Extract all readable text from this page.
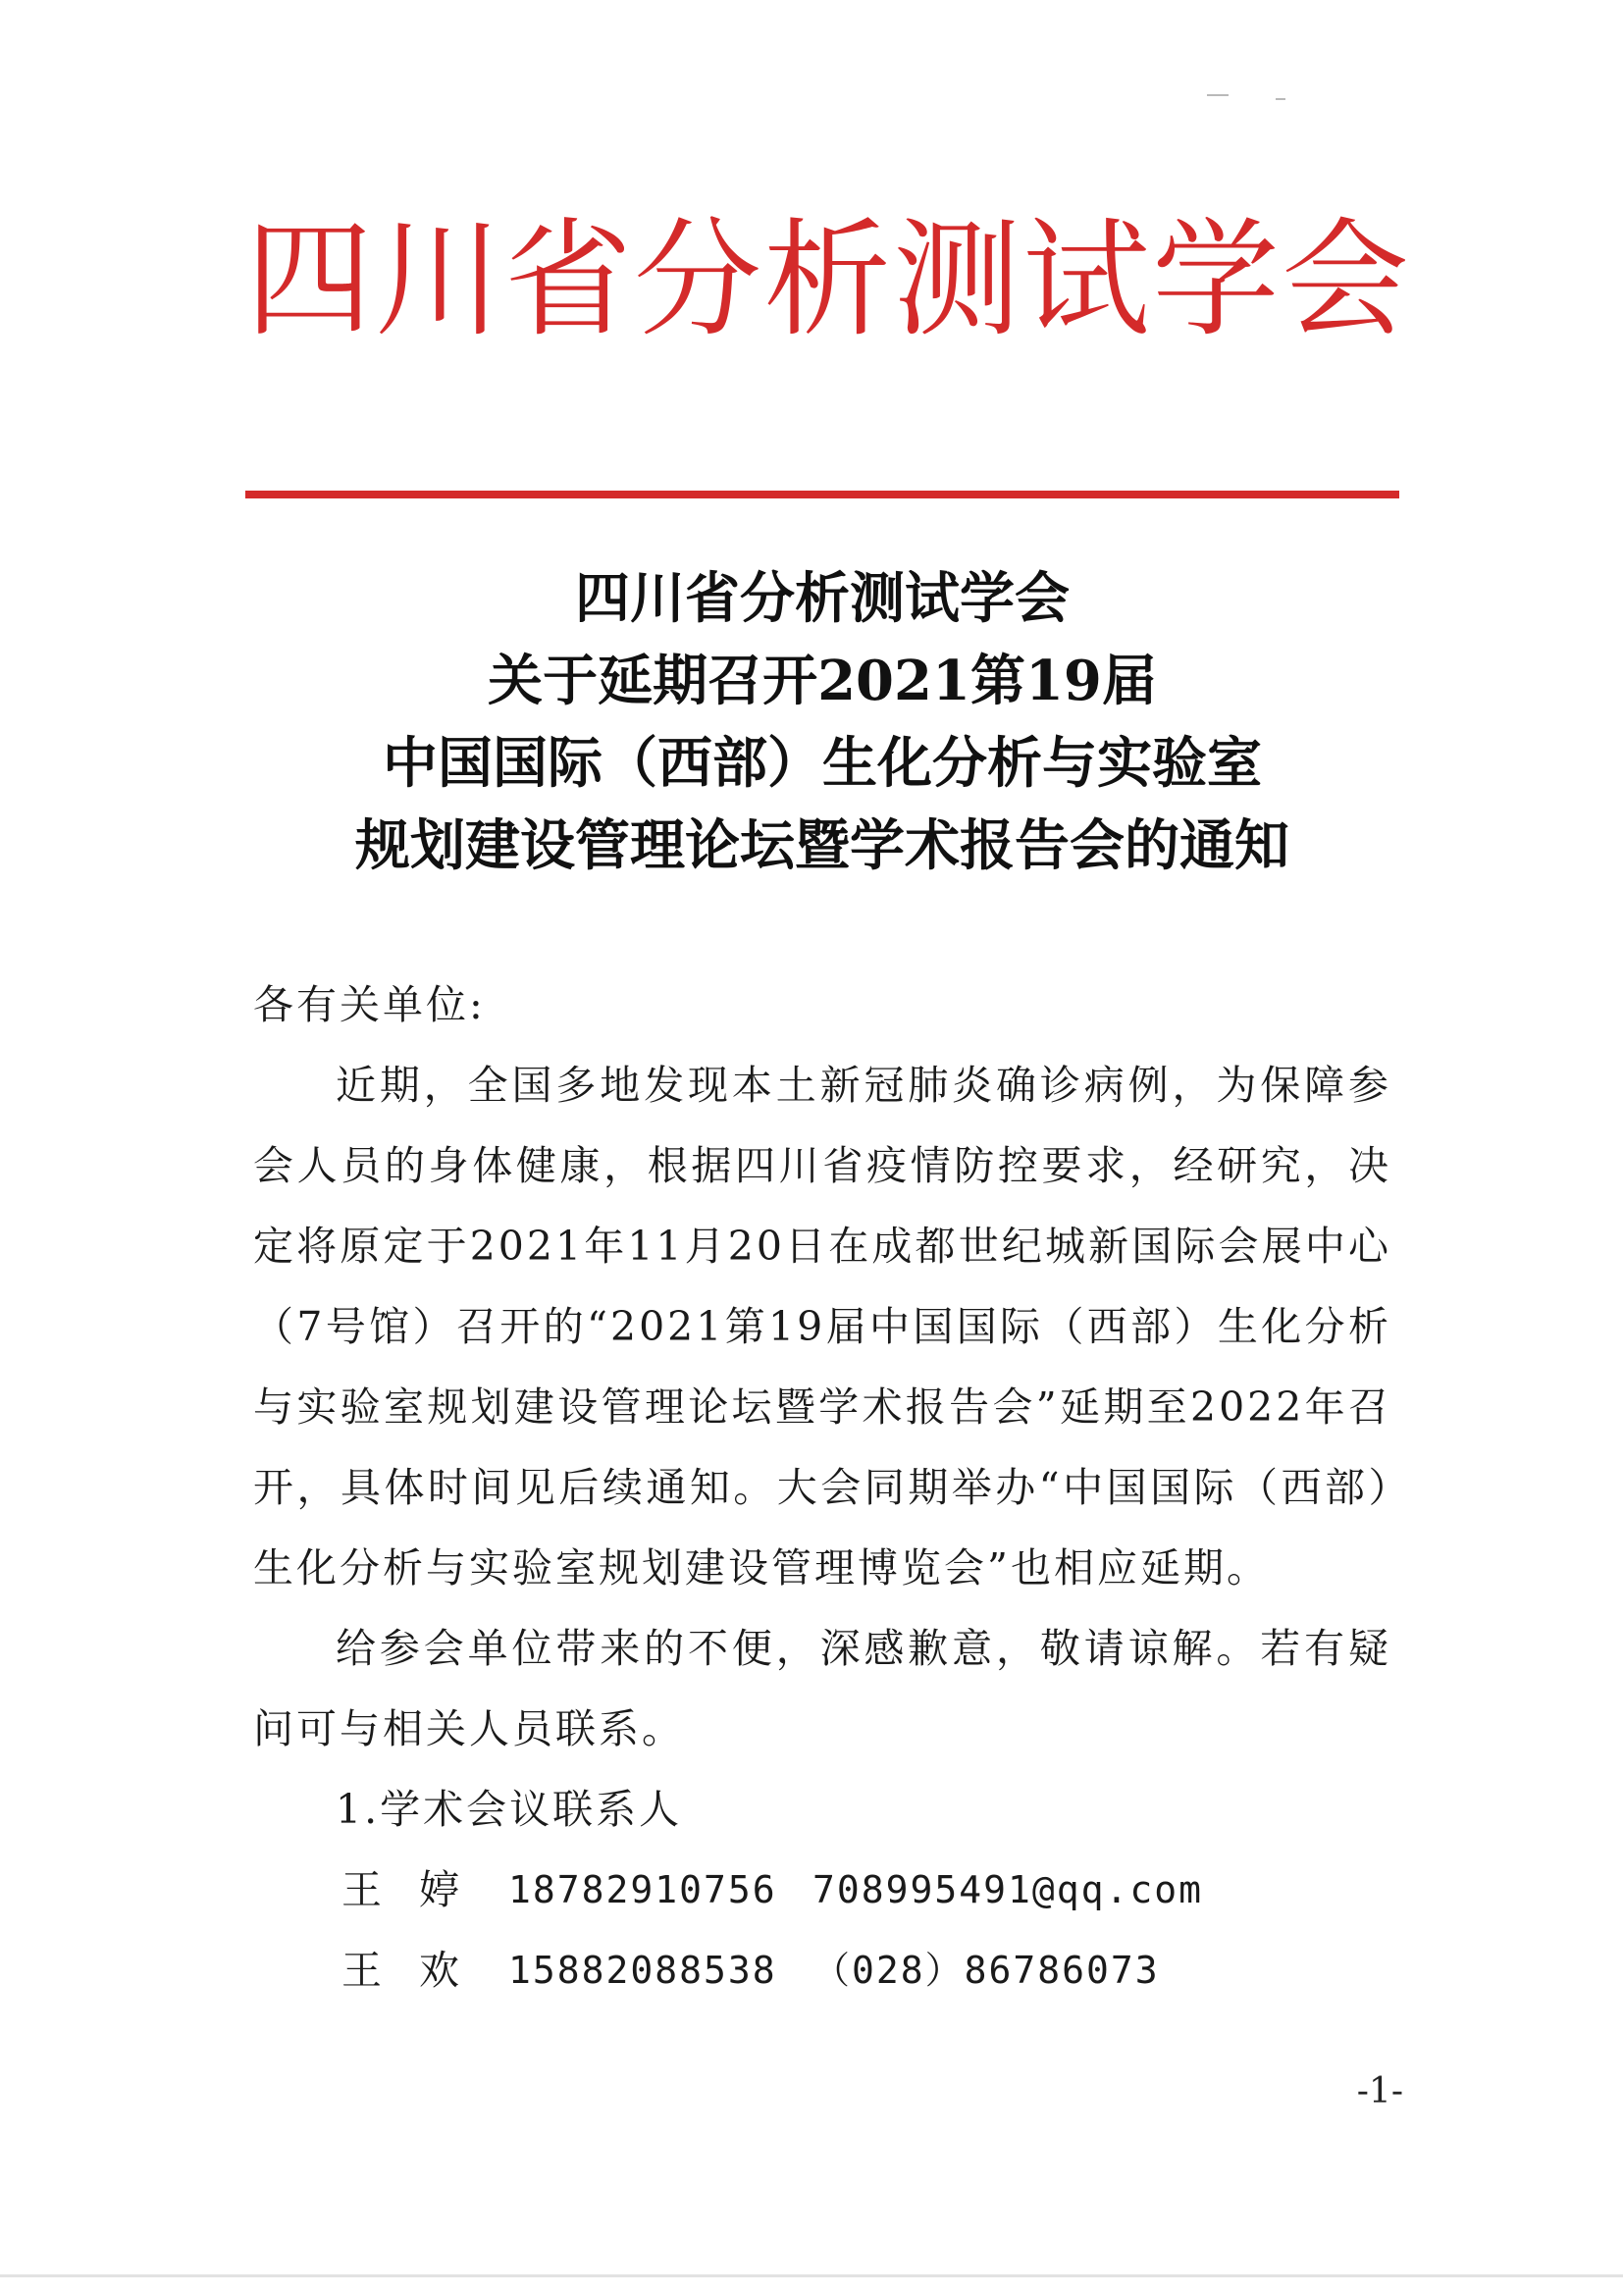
四川省分析测试学会
四川省分析测试学会
关于延期召开2021第19届
中国国际（西部）生化分析与实验室
规划建设管理论坛暨学术报告会的通知

各有关单位:

近期，全国多地发现本土新冠肺炎确诊病例，为保障参会人员的身体健康，根据四川省疫情防控要求，经研究，决定将原定于2021年11月20日在成都世纪城新国际会展中心（7号馆）召开的“2021第19届中国国际（西部）生化分析与实验室规划建设管理论坛暨学术报告会”延期至2022年召开，具体时间见后续通知。大会同期举办“中国国际（西部）生化分析与实验室规划建设管理博览会”也相应延期。

给参会单位带来的不便，深感歉意，敬请谅解。若有疑问可与相关人员联系。

1.学术会议联系人

王婷 18782910756 708995491@qq.com
王欢 15882088538 （028）86786073
-1-
